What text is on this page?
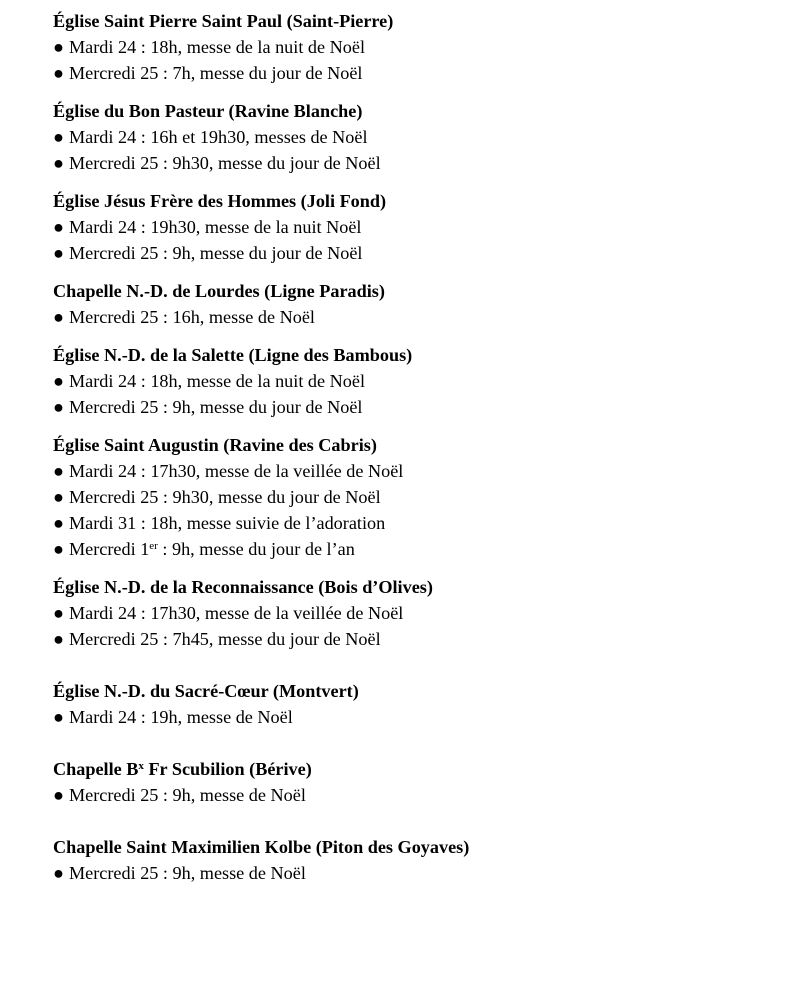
Église Saint Pierre Saint Paul (Saint-Pierre)
● Mardi 24 : 18h, messe de la nuit de Noël
● Mercredi 25 : 7h, messe du jour de Noël
Église du Bon Pasteur (Ravine Blanche)
● Mardi 24 : 16h et 19h30, messes de Noël
● Mercredi 25 : 9h30, messe du jour de Noël
Église Jésus Frère des Hommes (Joli Fond)
● Mardi 24 : 19h30, messe de la nuit Noël
● Mercredi 25 : 9h, messe du jour de Noël
Chapelle N.-D. de Lourdes (Ligne Paradis)
● Mercredi 25 : 16h, messe de Noël
Église N.-D. de la Salette (Ligne des Bambous)
● Mardi 24 : 18h, messe de la nuit de Noël
● Mercredi 25 : 9h, messe du jour de Noël
Église Saint Augustin (Ravine des Cabris)
● Mardi 24 : 17h30, messe de la veillée de Noël
● Mercredi 25 : 9h30, messe du jour de Noël
● Mardi 31 : 18h, messe suivie de l’adoration
● Mercredi 1er : 9h, messe du jour de l’an
Église N.-D. de la Reconnaissance (Bois d’Olives)
● Mardi 24 : 17h30, messe de la veillée de Noël
● Mercredi 25 : 7h45, messe du jour de Noël
Église N.-D. du Sacré-Cœur (Montvert)
● Mardi 24 : 19h, messe de Noël
Chapelle $B^x$ Fr Scubilion (Bérive)
● Mercredi 25 : 9h, messe de Noël
Chapelle Saint Maximilien Kolbe (Piton des Goyaves)
● Mercredi 25 : 9h, messe de Noël
